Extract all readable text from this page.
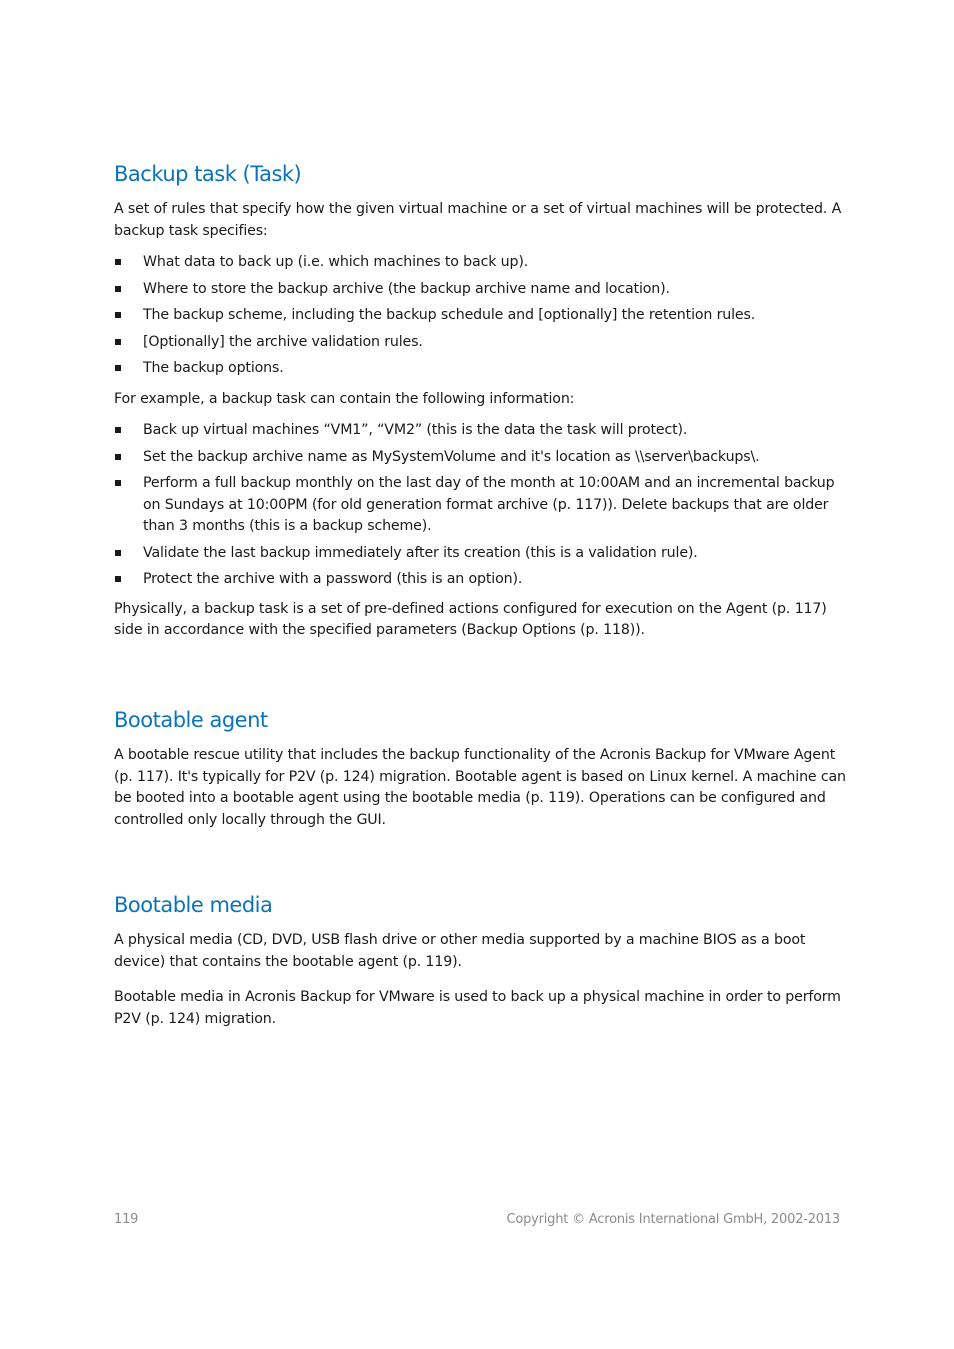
Backup task (Task)

A set of rules that specify how the given virtual machine or a set of virtual machines will be protected. A backup task specifies:

What data to back up (i.e. which machines to back up).
Where to store the backup archive (the backup archive name and location).
The backup scheme, including the backup schedule and [optionally] the retention rules.
[Optionally] the archive validation rules.
The backup options.

For example, a backup task can contain the following information:

Back up virtual machines “VM1”, “VM2” (this is the data the task will protect).
Set the backup archive name as MySystemVolume and it's location as \\server\backups\.
Perform a full backup monthly on the last day of the month at 10:00AM and an incremental backup on Sundays at 10:00PM (for old generation format archive (p. 117)). Delete backups that are older than 3 months (this is a backup scheme).
Validate the last backup immediately after its creation (this is a validation rule).
Protect the archive with a password (this is an option).

Physically, a backup task is a set of pre-defined actions configured for execution on the Agent (p. 117) side in accordance with the specified parameters (Backup Options (p. 118)).

Bootable agent

A bootable rescue utility that includes the backup functionality of the Acronis Backup for VMware Agent (p. 117). It's typically for P2V (p. 124) migration. Bootable agent is based on Linux kernel. A machine can be booted into a bootable agent using the bootable media (p. 119). Operations can be configured and controlled only locally through the GUI.

Bootable media

A physical media (CD, DVD, USB flash drive or other media supported by a machine BIOS as a boot device) that contains the bootable agent (p. 119).

Bootable media in Acronis Backup for VMware is used to back up a physical machine in order to perform P2V (p. 124) migration.

119	Copyright © Acronis International GmbH, 2002-2013
